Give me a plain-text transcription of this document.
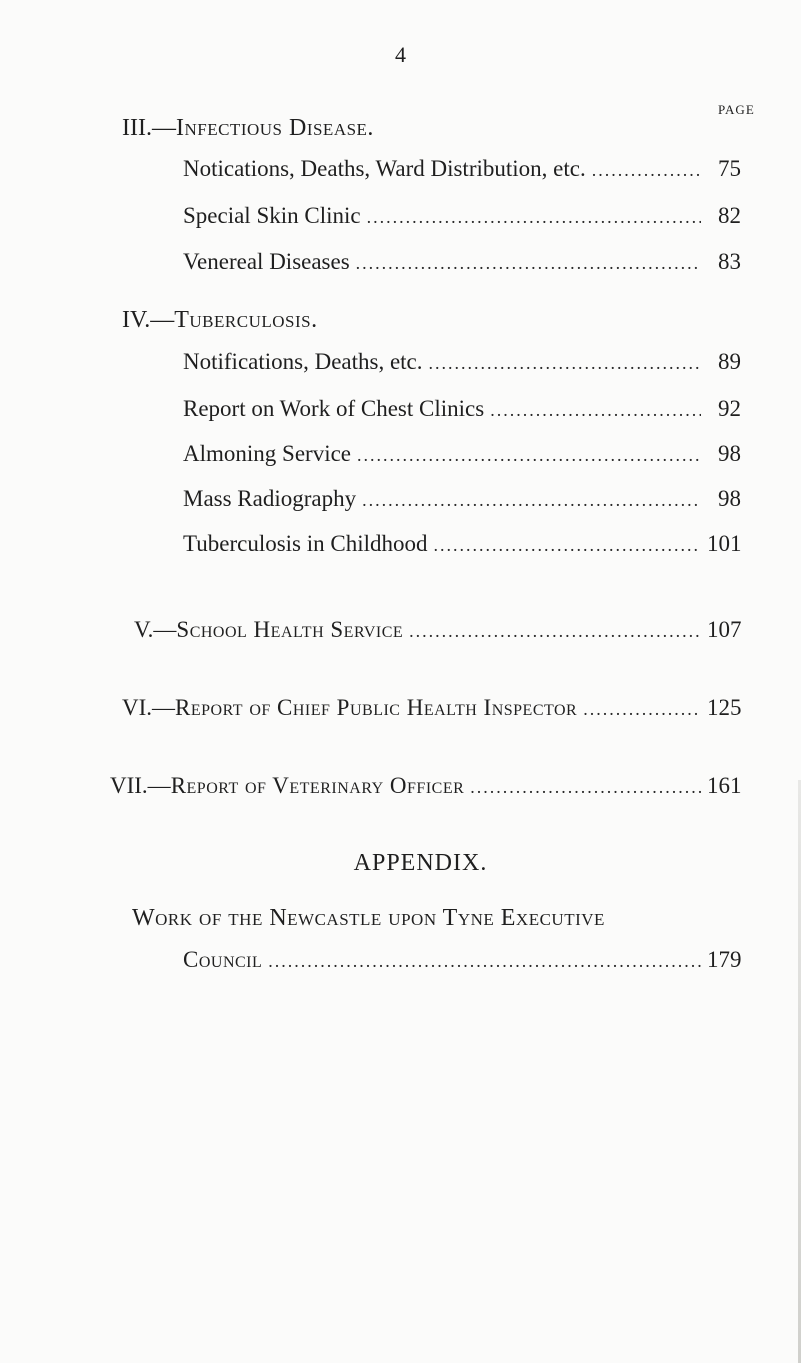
4
PAGE
III.—Infectious Disease.
Notications, Deaths, Ward Distribution, etc. .....	75
Special Skin Clinic .....	82
Venereal Diseases .....	83
IV.—Tuberculosis.
Notifications, Deaths, etc. .....	89
Report on Work of Chest Clinics .....	92
Almoning Service .....	98
Mass Radiography .....	98
Tuberculosis in Childhood .....	101
V.—School Health Service .....	107
VI.—Report of Chief Public Health Inspector .....	125
VII.—Report of Veterinary Officer .....	161
APPENDIX.
Work of the Newcastle upon Tyne Executive
Council .....	179
